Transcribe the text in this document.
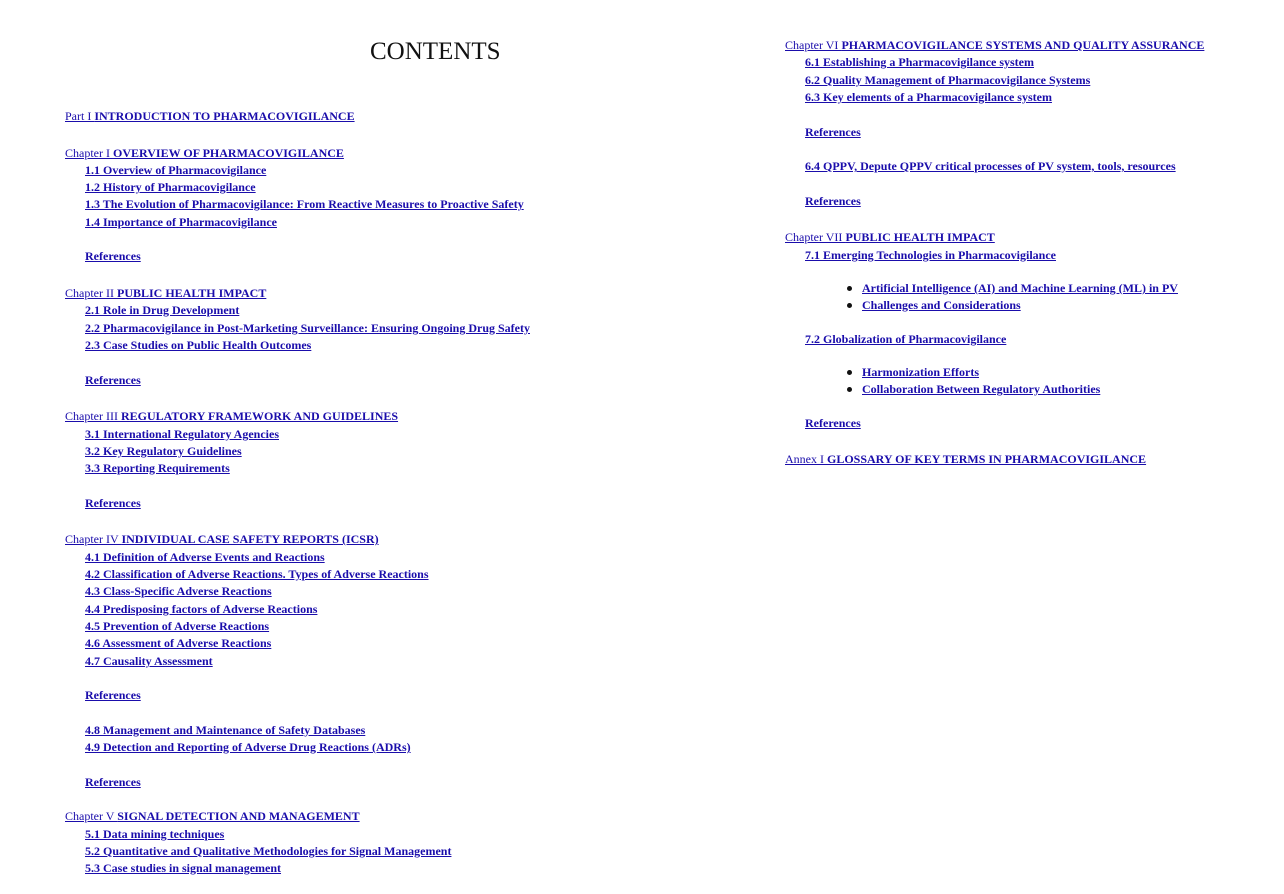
CONTENTS
Part I INTRODUCTION TO PHARMACOVIGILANCE
Chapter I OVERVIEW OF PHARMACOVIGILANCE
1.1 Overview of Pharmacovigilance
1.2 History of Pharmacovigilance
1.3 The Evolution of Pharmacovigilance: From Reactive Measures to Proactive Safety
1.4 Importance of Pharmacovigilance
References
Chapter II PUBLIC HEALTH IMPACT
2.1 Role in Drug Development
2.2 Pharmacovigilance in Post-Marketing Surveillance: Ensuring Ongoing Drug Safety
2.3 Case Studies on Public Health Outcomes
References
Chapter III REGULATORY FRAMEWORK AND GUIDELINES
3.1 International Regulatory Agencies
3.2 Key Regulatory Guidelines
3.3 Reporting Requirements
References
Chapter IV INDIVIDUAL CASE SAFETY REPORTS (ICSR)
4.1 Definition of Adverse Events and Reactions
4.2 Classification of Adverse Reactions. Types of Adverse Reactions
4.3 Class-Specific Adverse Reactions
4.4 Predisposing factors of Adverse Reactions
4.5 Prevention of Adverse Reactions
4.6 Assessment of Adverse Reactions
4.7 Causality Assessment
References
4.8 Management and Maintenance of Safety Databases
4.9 Detection and Reporting of Adverse Drug Reactions (ADRs)
References
Chapter V SIGNAL DETECTION AND MANAGEMENT
5.1 Data mining techniques
5.2 Quantitative and Qualitative Methodologies for Signal Management
5.3 Case studies in signal management
Chapter VI PHARMACOVIGILANCE SYSTEMS AND QUALITY ASSURANCE
6.1 Establishing a Pharmacovigilance system
6.2 Quality Management of Pharmacovigilance Systems
6.3 Key elements of a Pharmacovigilance system
References
6.4 QPPV, Depute QPPV critical processes of PV system, tools, resources
References
Chapter VII PUBLIC HEALTH IMPACT
7.1 Emerging Technologies in Pharmacovigilance
Artificial Intelligence (AI) and Machine Learning (ML) in PV
Challenges and Considerations
7.2 Globalization of Pharmacovigilance
Harmonization Efforts
Collaboration Between Regulatory Authorities
References
Annex I GLOSSARY OF KEY TERMS IN PHARMACOVIGILANCE
